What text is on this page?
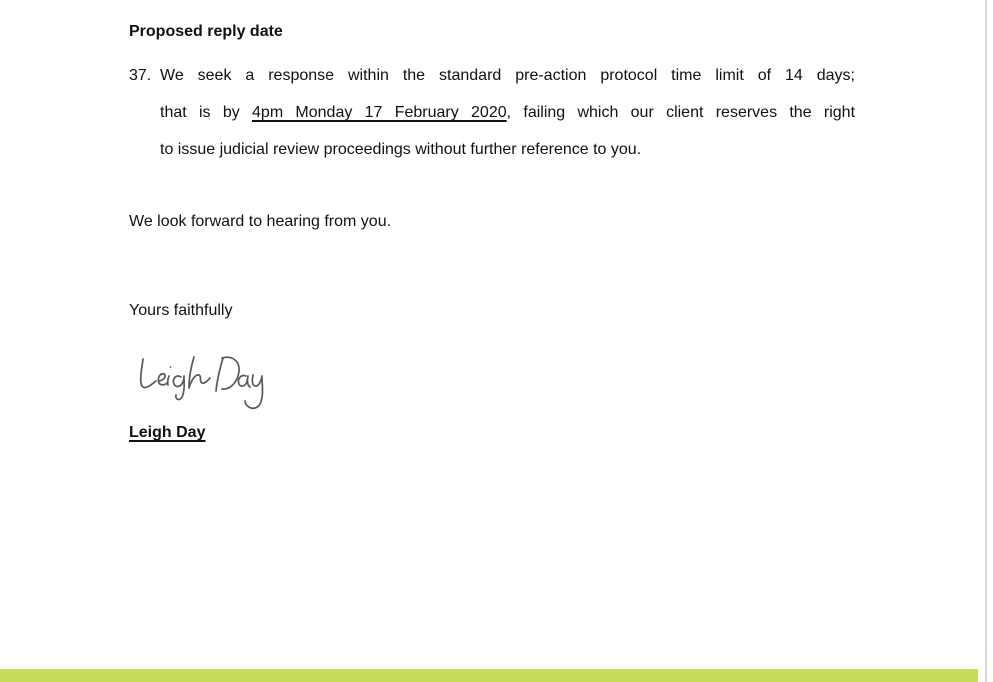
Proposed reply date
37. We seek a response within the standard pre-action protocol time limit of 14 days;
that is by 4pm Monday 17 February 2020, failing which our client reserves the right
to issue judicial review proceedings without further reference to you.

We look forward to hearing from you.

Yours faithfully

Leigh Day
